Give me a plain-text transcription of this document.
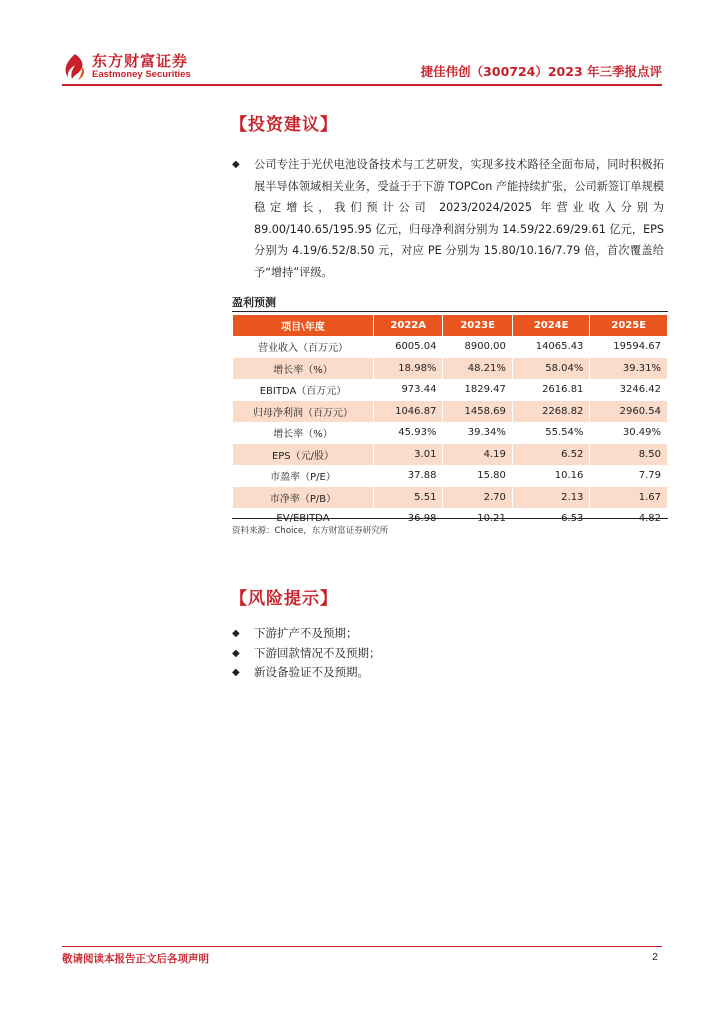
东方财富证券
Eastmoney Securities	捷佳伟创（300724）2023 年三季报点评
【投资建议】
◆ 公司专注于光伏电池设备技术与工艺研发，实现多技术路径全面布局，同时积极拓展半导体领域相关业务，受益于于下游 TOPCon 产能持续扩张，公司新签订单规模稳定增长，我们预计公司 2023/2024/2025 年营业收入分别为 89.00/140.65/195.95 亿元，归母净利润分别为 14.59/22.69/29.61 亿元，EPS 分别为 4.19/6.52/8.50 元，对应 PE 分别为 15.80/10.16/7.79 倍，首次覆盖给予“增持”评级。
盈利预测
项目\年度	2022A	2023E	2024E	2025E
营业收入（百万元）	6005.04	8900.00	14065.43	19594.67
增长率（%）	18.98%	48.21%	58.04%	39.31%
EBITDA（百万元）	973.44	1829.47	2616.81	3246.42
归母净利润（百万元）	1046.87	1458.69	2268.82	2960.54
增长率（%）	45.93%	39.34%	55.54%	30.49%
EPS（元/股）	3.01	4.19	6.52	8.50
市盈率（P/E）	37.88	15.80	10.16	7.79
市净率（P/B）	5.51	2.70	2.13	1.67
EV/EBITDA	36.98	10.21	6.53	4.82
资料来源：Choice，东方财富证券研究所
【风险提示】
◆ 下游扩产不及预期；
◆ 下游回款情况不及预期；
◆ 新设备验证不及预期。
敬请阅读本报告正文后各项声明	2
